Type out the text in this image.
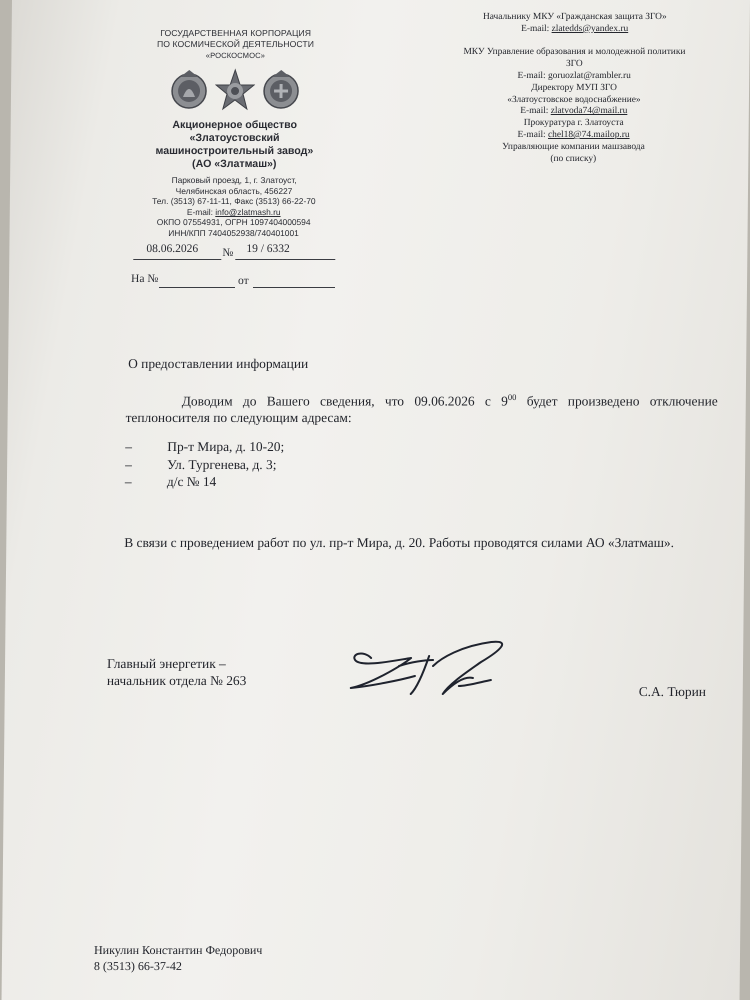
ГОСУДАРСТВЕННАЯ КОРПОРАЦИЯ
ПО КОСМИЧЕСКОЙ ДЕЯТЕЛЬНОСТИ
«РОСКОСМОС»
Акционерное общество
«Златоустовский
машиностроительный завод»
(АО «Златмаш»)
Парковый проезд, 1, г. Златоуст,
Челябинская область, 456227
Тел. (3513) 67-11-11, Факс (3513) 66-22-70
E-mail: info@zlatmash.ru
ОКПО 07554931, ОГРН 1097404000594
ИНН/КПП 7404052938/740401001
08.06.2026 № 19 / 6332
На №	от
Начальнику МКУ «Гражданская защита ЗГО»
E-mail: zlatedds@yandex.ru
МКУ Управление образования и молодежной политики
ЗГО
E-mail: goruozlat@rambler.ru
Директору МУП ЗГО
«Златоустовское водоснабжение»
E-mail: zlatvoda74@mail.ru
Прокуратура г. Златоуста
E-mail: chel18@74.mailop.ru
Управляющие компании машзавода
(по списку)
О предоставлении информации
Доводим до Вашего сведения, что 09.06.2026 с $9^{00}$ будет произведено отключение теплоносителя по следующим адресам:
–	Пр-т Мира, д. 10-20;
–	Ул. Тургенева, д. 3;
–	д/с № 14
В связи с проведением работ по ул. пр-т Мира, д. 20. Работы проводятся силами АО «Златмаш».
Главный энергетик –
начальник отдела № 263
С.А. Тюрин
Никулин Константин Федорович
8 (3513) 66-37-42
